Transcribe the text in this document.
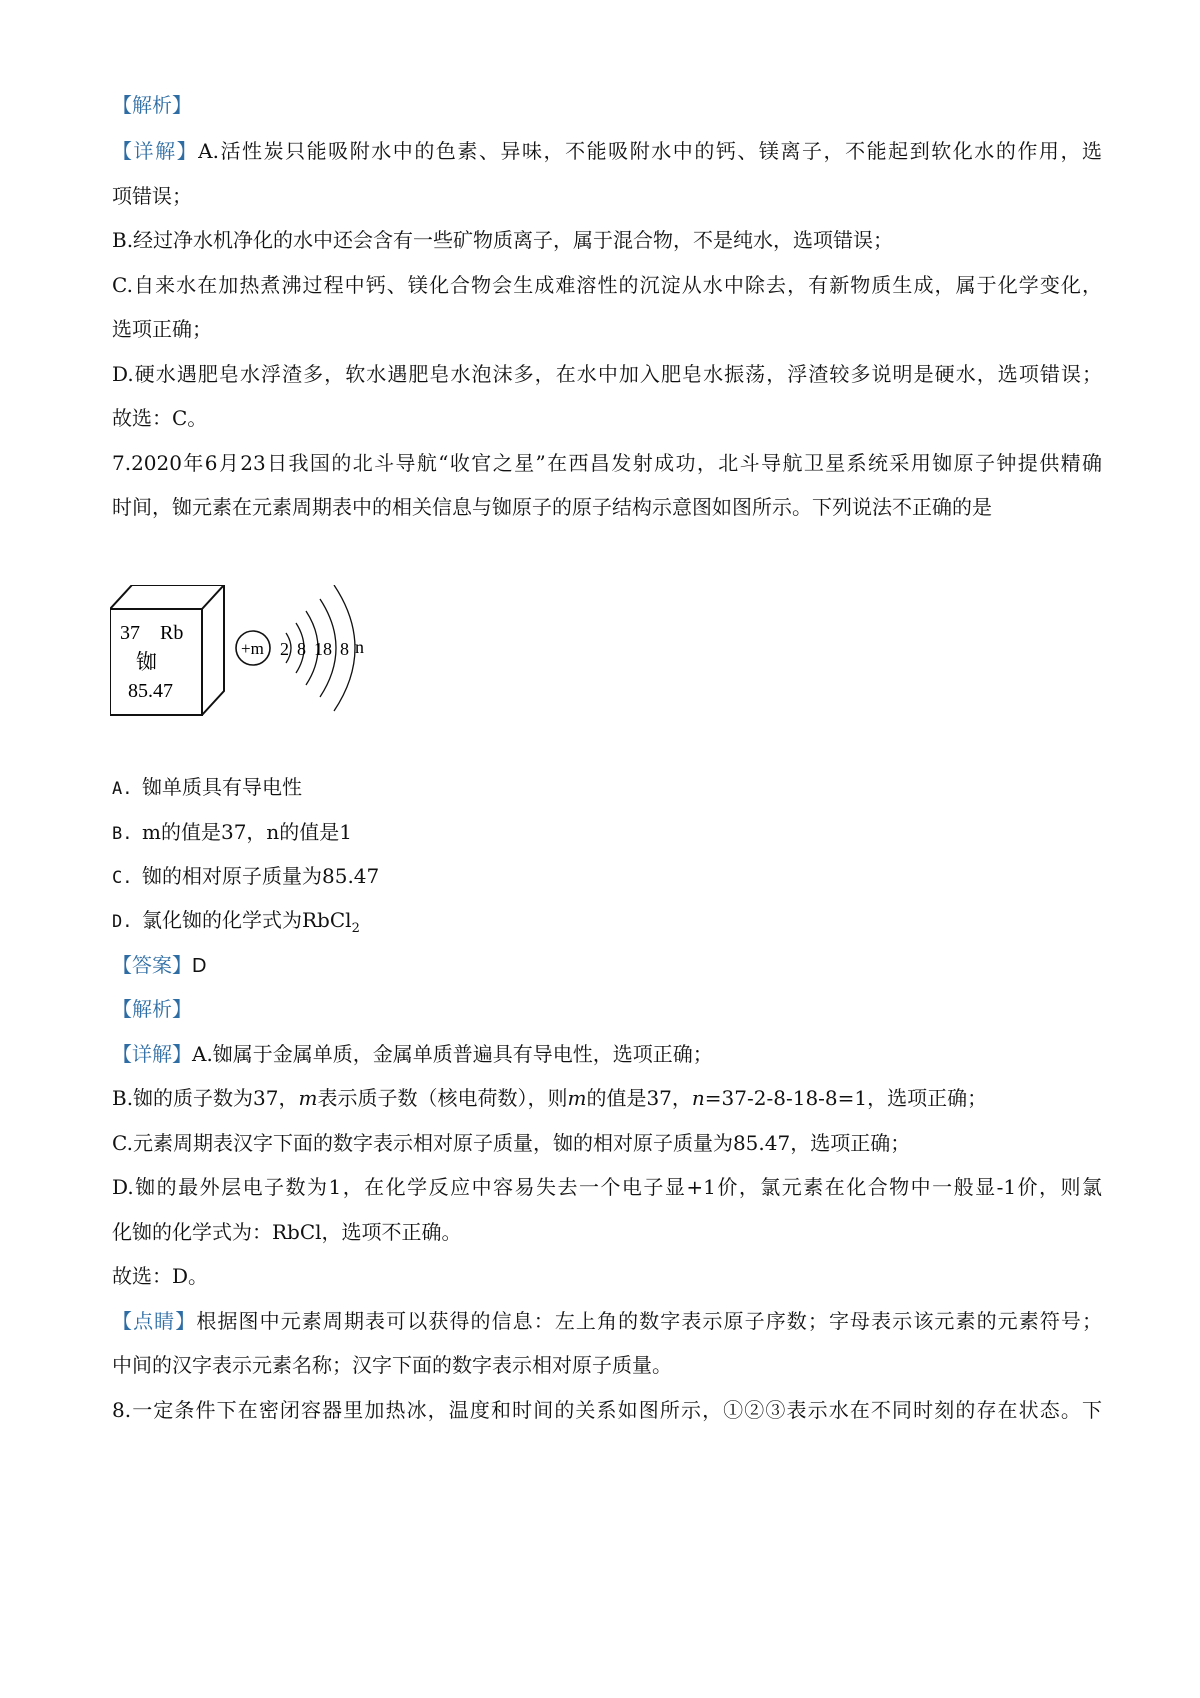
【解析】
【详解】A.活性炭只能吸附水中的色素、异味，不能吸附水中的钙、镁离子，不能起到软化水的作用，选
项错误；
B.经过净水机净化的水中还会含有一些矿物质离子，属于混合物，不是纯水，选项错误；
C.自来水在加热煮沸过程中钙、镁化合物会生成难溶性的沉淀从水中除去，有新物质生成，属于化学变化，
选项正确；
D.硬水遇肥皂水浮渣多，软水遇肥皂水泡沫多，在水中加入肥皂水振荡，浮渣较多说明是硬水，选项错误；
故选：C。
7.2020年6月23日我国的北斗导航“收官之星”在西昌发射成功，北斗导航卫星系统采用铷原子钟提供精确
时间，铷元素在元素周期表中的相关信息与铷原子的原子结构示意图如图所示。下列说法不正确的是
37 Rb
铷
85.47
+m 2 8 18 8 n
A. 铷单质具有导电性
B. m的值是37，n的值是1
C. 铷的相对原子质量为85.47
D. 氯化铷的化学式为RbCl$_2$
【答案】D
【解析】
【详解】A.铷属于金属单质，金属单质普遍具有导电性，选项正确；
B.铷的质子数为37，m表示质子数（核电荷数），则m的值是37，n=37-2-8-18-8=1，选项正确；
C.元素周期表汉字下面的数字表示相对原子质量，铷的相对原子质量为85.47，选项正确；
D.铷的最外层电子数为1，在化学反应中容易失去一个电子显+1价，氯元素在化合物中一般显-1价，则氯
化铷的化学式为：RbCl，选项不正确。
故选：D。
【点睛】根据图中元素周期表可以获得的信息：左上角的数字表示原子序数；字母表示该元素的元素符号；
中间的汉字表示元素名称；汉字下面的数字表示相对原子质量。
8.一定条件下在密闭容器里加热冰，温度和时间的关系如图所示，①②③表示水在不同时刻的存在状态。下
